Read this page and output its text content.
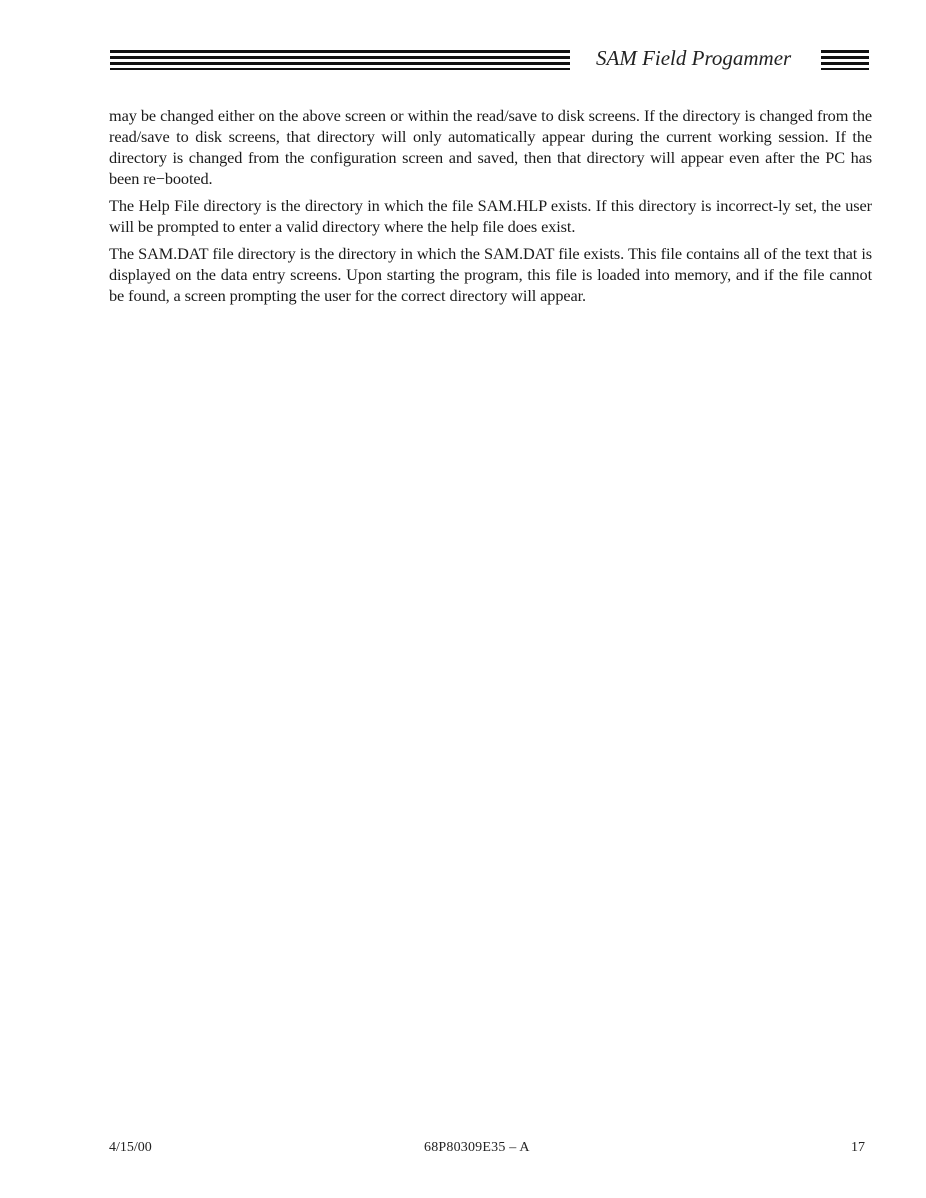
SAM Field Progammer

may be changed either on the above screen or within the read/save to disk screens. If the directory is changed from the read/save to disk screens, that directory will only automatically appear during the current working session. If the directory is changed from the configuration screen and saved, then that directory will appear even after the PC has been re−booted.

The Help File directory is the directory in which the file SAM.HLP exists. If this directory is incorrect-ly set, the user will be prompted to enter a valid directory where the help file does exist.

The SAM.DAT file directory is the directory in which the SAM.DAT file exists. This file contains all of the text that is displayed on the data entry screens. Upon starting the program, this file is loaded into memory, and if the file cannot be found, a screen prompting the user for the correct directory will appear.

4/15/00	68P80309E35 – A	17
